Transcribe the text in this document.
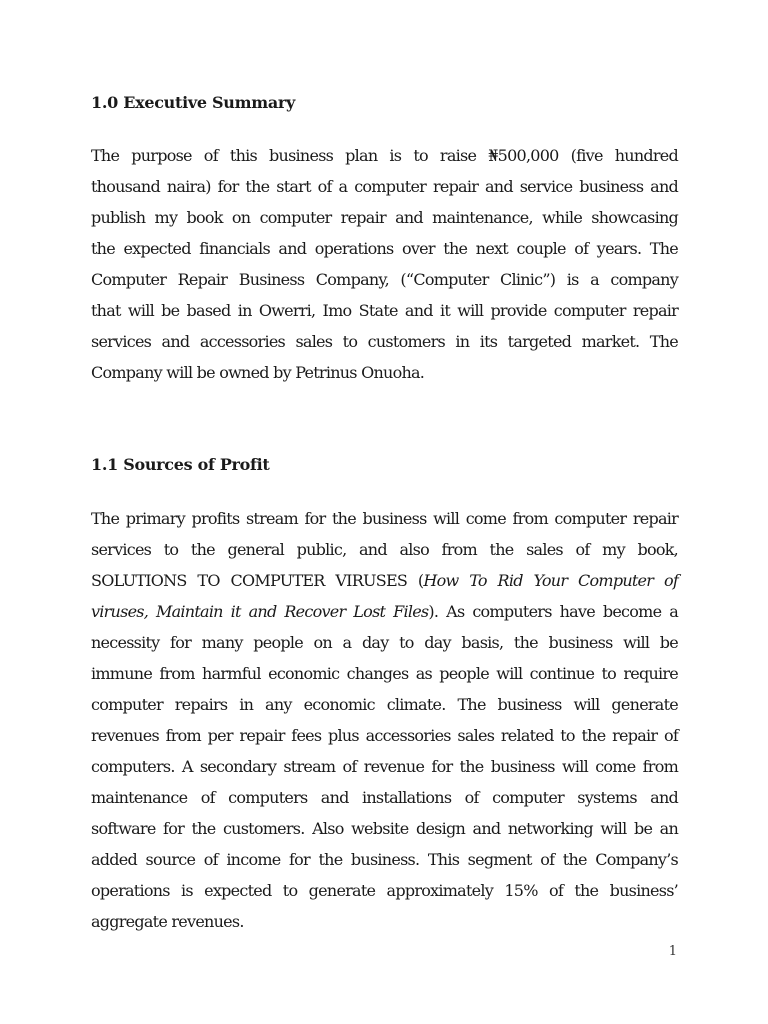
1.0 Executive Summary
The purpose of this business plan is to raise ₦500,000 (five hundred
thousand naira) for the start of a computer repair and service business and
publish my book on computer repair and maintenance, while showcasing
the expected financials and operations over the next couple of years. The
Computer Repair Business Company, (“Computer Clinic”) is a company
that will be based in Owerri, Imo State and it will provide computer repair
services and accessories sales to customers in its targeted market. The
Company will be owned by Petrinus Onuoha.
1.1 Sources of Profit
The primary profits stream for the business will come from computer repair
services to the general public, and also from the sales of my book,
SOLUTIONS TO COMPUTER VIRUSES (How To Rid Your Computer of
viruses, Maintain it and Recover Lost Files). As computers have become a
necessity for many people on a day to day basis, the business will be
immune from harmful economic changes as people will continue to require
computer repairs in any economic climate. The business will generate
revenues from per repair fees plus accessories sales related to the repair of
computers. A secondary stream of revenue for the business will come from
maintenance of computers and installations of computer systems and
software for the customers. Also website design and networking will be an
added source of income for the business. This segment of the Company’s
operations is expected to generate approximately 15% of the business’
aggregate revenues.
1
